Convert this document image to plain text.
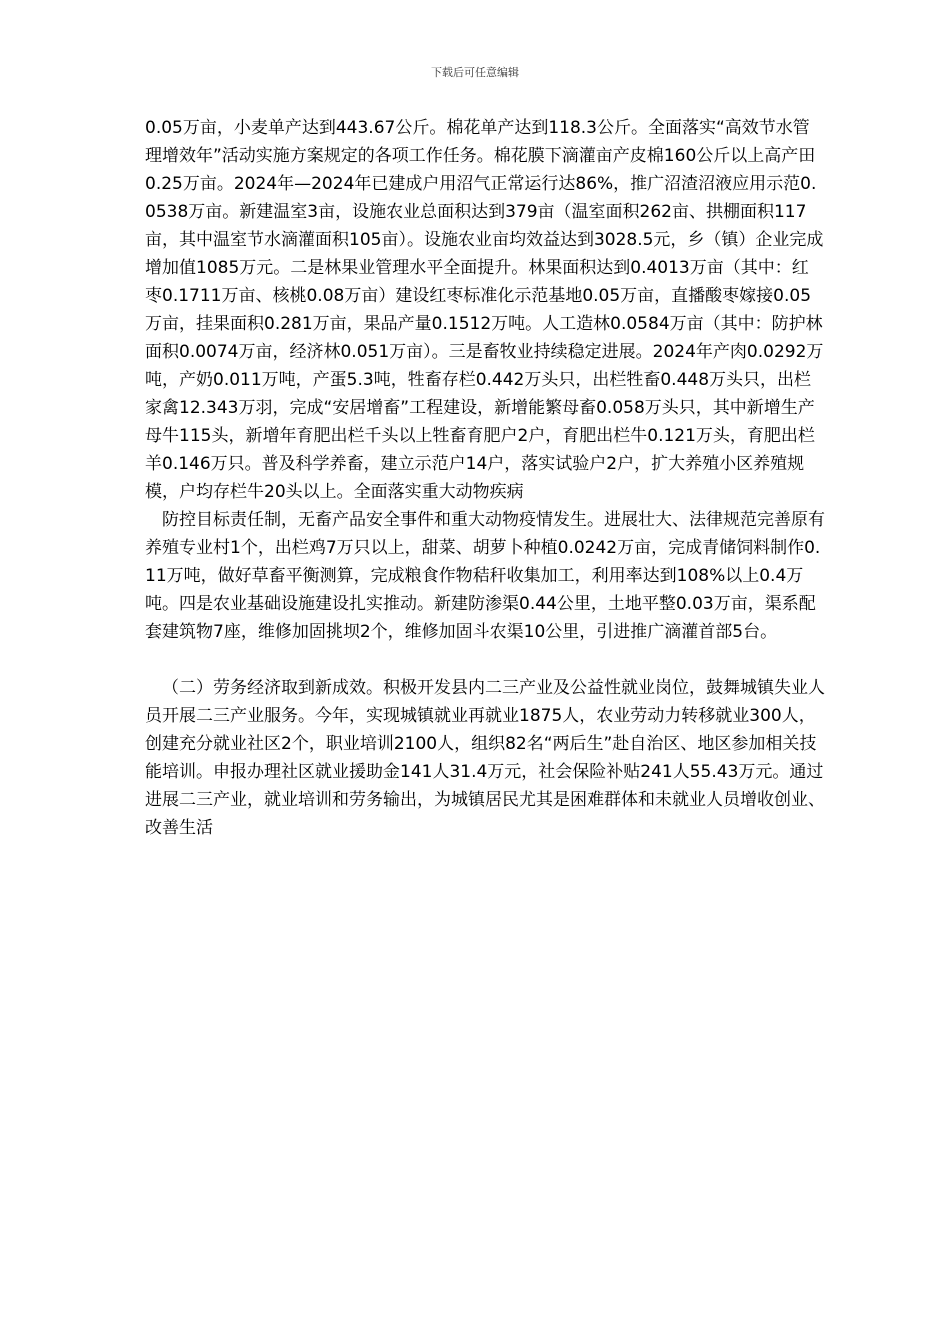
下载后可任意编辑

0.05万亩，小麦单产达到443.67公斤。棉花单产达到118.3公斤。全面落实“高效节水管理增效年”活动实施方案规定的各项工作任务。棉花膜下滴灌亩产皮棉160公斤以上高产田0.25万亩。2024年—2024年已建成户用沼气正常运行达86%，推广沼渣沼液应用示范0.0538万亩。新建温室3亩，设施农业总面积达到379亩（温室面积262亩、拱棚面积117亩，其中温室节水滴灌面积105亩）。设施农业亩均效益达到3028.5元，乡（镇）企业完成增加值1085万元。二是林果业管理水平全面提升。林果面积达到0.4013万亩（其中：红枣0.1711万亩、核桃0.08万亩）建设红枣标准化示范基地0.05万亩，直播酸枣嫁接0.05万亩，挂果面积0.281万亩，果品产量0.1512万吨。人工造林0.0584万亩（其中：防护林面积0.0074万亩，经济林0.051万亩）。三是畜牧业持续稳定进展。2024年产肉0.0292万吨，产奶0.011万吨，产蛋5.3吨，牲畜存栏0.442万头只，出栏牲畜0.448万头只，出栏家禽12.343万羽，完成“安居增畜”工程建设，新增能繁母畜0.058万头只，其中新增生产母牛115头，新增年育肥出栏千头以上牲畜育肥户2户，育肥出栏牛0.121万头，育肥出栏羊0.146万只。普及科学养畜，建立示范户14户，落实试验户2户，扩大养殖小区养殖规模，户均存栏牛20头以上。全面落实重大动物疾病

防控目标责任制，无畜产品安全事件和重大动物疫情发生。进展壮大、法律规范完善原有养殖专业村1个，出栏鸡7万只以上，甜菜、胡萝卜种植0.0242万亩，完成青储饲料制作0.11万吨，做好草畜平衡测算，完成粮食作物秸秆收集加工，利用率达到108%以上0.4万吨。四是农业基础设施建设扎实推动。新建防渗渠0.44公里，土地平整0.03万亩，渠系配套建筑物7座，维修加固挑坝2个，维修加固斗农渠10公里，引进推广滴灌首部5台。

（二）劳务经济取到新成效。积极开发县内二三产业及公益性就业岗位，鼓舞城镇失业人员开展二三产业服务。今年，实现城镇就业再就业1875人，农业劳动力转移就业300人，创建充分就业社区2个，职业培训2100人，组织82名“两后生”赴自治区、地区参加相关技能培训。申报办理社区就业援助金141人31.4万元，社会保险补贴241人55.43万元。通过进展二三产业，就业培训和劳务输出，为城镇居民尤其是困难群体和未就业人员增收创业、改善生活
